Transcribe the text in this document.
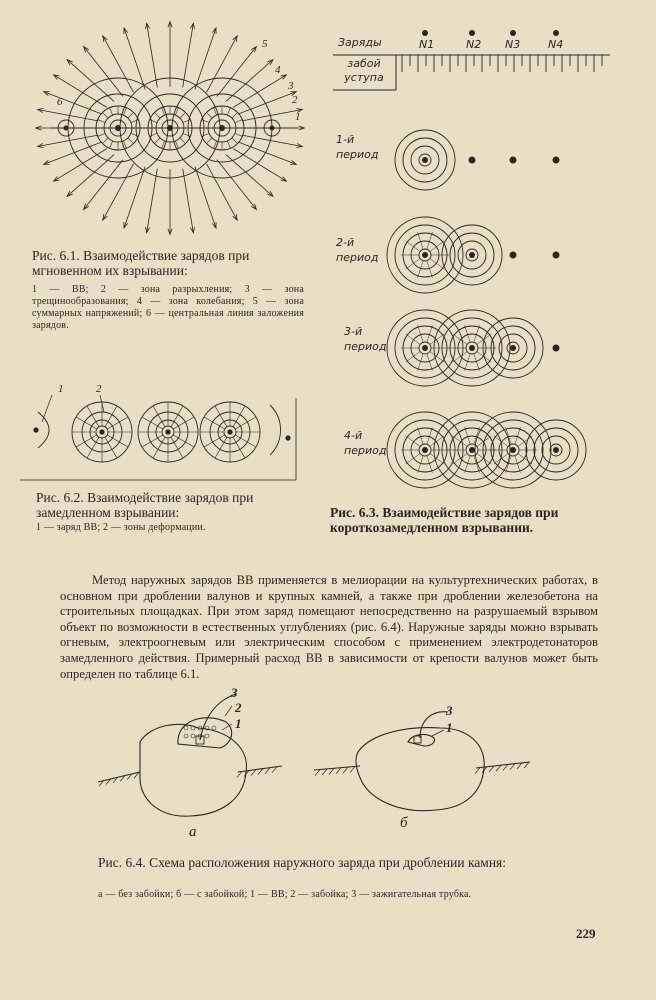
1
2
3
4
5
6
Рис. 6.1. Взаимодействие зарядов при мгновенном их взрывании:
1 — ВВ; 2 — зона разрыхления; 3 — зона трещинообразования; 4 — зона колебания; 5 — зона суммарных напряжений; 6 — центральная линия заложения зарядов.
1	2
Рис. 6.2. Взаимодействие зарядов при замедленном взрывании:
1 — заряд ВВ; 2 — зоны деформации.
Заряды
забой уступа
N1	N2 N3	N4
1-й период
2-й период
3-й период
4-й период
Рис. 6.3. Взаимодействие зарядов при короткозамедленном взрывании.
Метод наружных зарядов ВВ применяется в мелиорации на культуртехнических работах, в основном при дроблении валунов и крупных камней, а также при дроблении железобетона на строительных площадках. При этом заряд помещают непосредственно на разрушаемый взрывом объект по возможности в естественных углублениях (рис. 6.4). Наружные заряды можно взрывать огневым, электроогневым или электрическим способом с применением электродетонаторов замедленного действия. Примерный расход ВВ в зависимости от крепости валунов может быть определен по таблице 6.1.
3
2
1
3
1
а
б
Рис. 6.4. Схема расположения наружного заряда при дроблении камня:
а — без забойки; б — с забойкой; 1 — ВВ; 2 — забойка; 3 — зажигательная трубка.
229
